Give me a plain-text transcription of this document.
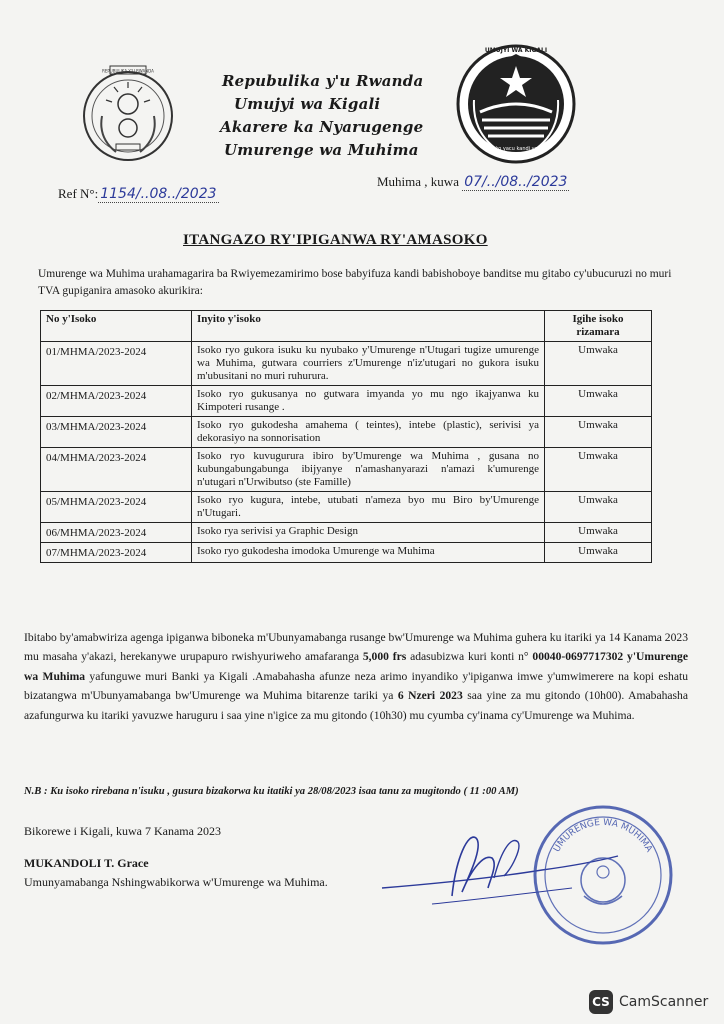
REPUBULIKA Y'U RWANDA
Repubulika y'u Rwanda
Umujyi wa Kigali
Akarere ka Nyarugenge
Umurenge wa Muhima
UMUJYI WA KIGALI
Isoko yacu kandi yacu
Ref N°: 1154/..08../2023
Muhima , kuwa 07/../08../2023
ITANGAZO RY'IPIGANWA RY'AMASOKO
Umurenge wa Muhima urahamagarira ba Rwiyemezamirimo bose babyifuza kandi babishoboye banditse mu gitabo cy'ubucuruzi no muri TVA gupiganira amasoko akurikira:
No y'Isoko	Inyito y'isoko	Igihe isoko rizamara
01/MHMA/2023-2024	Isoko ryo gukora isuku ku nyubako y'Umurenge n'Utugari tugize umurenge wa Muhima, gutwara courriers z'Umurenge n'iz'utugari no gukora isuku m'ubusitani no muri ruhurura.	Umwaka
02/MHMA/2023-2024	Isoko ryo gukusanya no gutwara imyanda yo mu ngo ikajyanwa ku Kimpoteri rusange .	Umwaka
03/MHMA/2023-2024	Isoko ryo gukodesha amahema ( teintes), intebe (plastic), serivisi ya dekorasiyo na sonnorisation	Umwaka
04/MHMA/2023-2024	Isoko ryo kuvugurura ibiro by'Umurenge wa Muhima , gusana no kubungabungabunga ibijyanye n'amashanyarazi n'amazi k'umurenge n'utugari n'Urwibutso (ste Famille)	Umwaka
05/MHMA/2023-2024	Isoko ryo kugura, intebe, utubati n'ameza byo mu Biro by'Umurenge n'Utugari.	Umwaka
06/MHMA/2023-2024	Isoko rya serivisi ya Graphic Design	Umwaka
07/MHMA/2023-2024	Isoko ryo gukodesha imodoka Umurenge wa Muhima	Umwaka
Ibitabo by'amabwiriza agenga ipiganwa biboneka m'Ubunyamabanga rusange bw'Umurenge wa Muhima guhera ku itariki ya 14 Kanama 2023 mu masaha y'akazi, herekanywe urupapuro rwishyuriweho amafaranga 5,000 frs adasubizwa kuri konti n° 00040-0697717302 y'Umurenge wa Muhima yafunguwe muri Banki ya Kigali .Amabahasha afunze neza arimo inyandiko y'ipiganwa imwe y'umwimerere na kopi eshatu bizatangwa m'Ubunyamabanga bw'Umurenge wa Muhima bitarenze tariki ya 6 Nzeri 2023 saa yine za mu gitondo (10h00). Amabahasha azafungurwa ku itariki yavuzwe haruguru i saa yine n'igice za mu gitondo (10h30) mu cyumba cy'inama cy'Umurenge wa Muhima.
N.B : Ku isoko rirebana n'isuku , gusura bizakorwa ku itatiki ya 28/08/2023 isaa tanu za mugitondo ( 11 :00 AM)
Bikorewe i Kigali, kuwa 7 Kanama 2023
MUKANDOLI T. Grace
Umunyamabanga Nshingwabikorwa w'Umurenge wa Muhima.
UMURENGE WA MUHIMA
CS CamScanner
